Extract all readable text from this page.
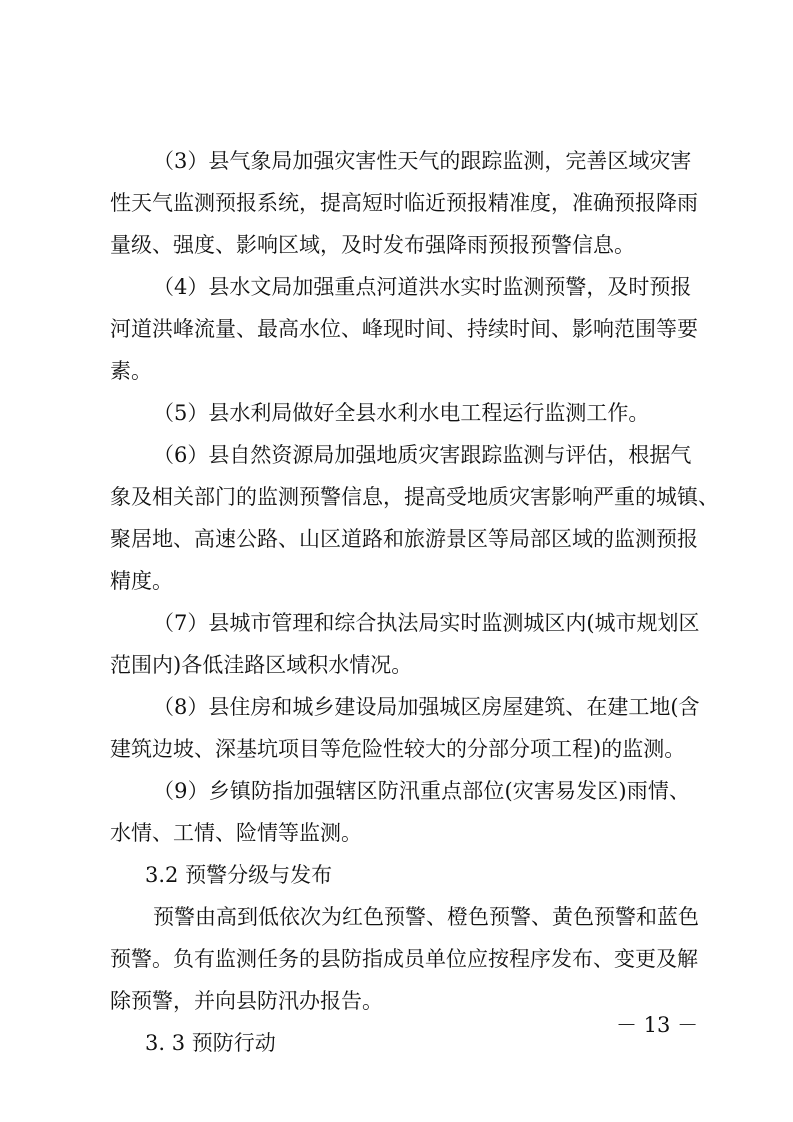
（3）县气象局加强灾害性天气的跟踪监测，完善区域灾害
性天气监测预报系统，提高短时临近预报精准度，准确预报降雨
量级、强度、影响区域，及时发布强降雨预报预警信息。
（4）县水文局加强重点河道洪水实时监测预警，及时预报
河道洪峰流量、最高水位、峰现时间、持续时间、影响范围等要
素。
（5）县水利局做好全县水利水电工程运行监测工作。
（6）县自然资源局加强地质灾害跟踪监测与评估，根据气
象及相关部门的监测预警信息，提高受地质灾害影响严重的城镇、
聚居地、高速公路、山区道路和旅游景区等局部区域的监测预报
精度。
（7）县城市管理和综合执法局实时监测城区内(城市规划区
范围内)各低洼路区域积水情况。
（8）县住房和城乡建设局加强城区房屋建筑、在建工地(含
建筑边坡、深基坑项目等危险性较大的分部分项工程)的监测。
（9）乡镇防指加强辖区防汛重点部位(灾害易发区)雨情、
水情、工情、险情等监测。
3.2 预警分级与发布
预警由高到低依次为红色预警、橙色预警、黄色预警和蓝色
预警。负有监测任务的县防指成员单位应按程序发布、变更及解
除预警，并向县防汛办报告。
3. 3 预防行动
－ 13 －
